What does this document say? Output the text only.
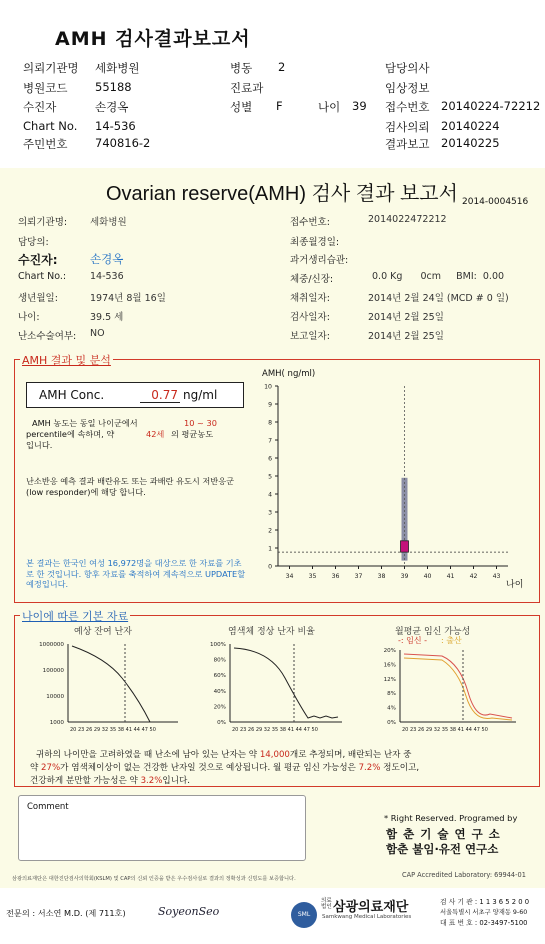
AMH 검사결과보고서
의뢰기관명 세화병원	병동 2	담당의사
병원코드 55188	진료과	임상정보
수진자	손경옥	성별 F	나이 39 접수번호 20140224-72212
Chart No. 14-536	검사의뢰 20140224
주민번호 740816-2	결과보고 20140225
Ovarian reserve(AMH) 검사 결과 보고서 2014-0004516
의뢰기관명: 세화병원
담당의:
수진자:	손경옥
Chart No.:	14-536
생년월일:	1974년 8월 16일
나이:	39.5 세
난소수술여부: NO
접수번호:	2014022472212
최종월경일:
과거생리습관:
체중/신장:	0.0 Kg      0cm     BMI:  0.00
채취일자:	2014년 2월 24일 (MCD # 0 일)
검사일자:	2014년 2월 25일
보고일자:	2014년 2월 25일
AMH 결과 및 분석
AMH Conc.	0.77 ng/ml
AMH 농도는 동일 나이군에서	10 ~ 30
percentile에 속하며, 약	42세 의 평균농도
입니다.
난소반응 예측 결과 배란유도 또는 과배란 유도시 저반응군 (low responder)에 해당 합니다.
본 결과는 한국인 여성 16,972명을 대상으로 한 자료를 기초로 한 것입니다. 향후 자료를 축적하여 계속적으로 UPDATE할 예정입니다.
AMH( ng/ml)
0
1
2
3
4
5
6
7
8
9
10
34 35 36 37 38 39 40 41 42 43
나이
나이에 따른 기본 자료
예상 잔여 난자	염색체 정상 난자 비율	월평균 임신 가능성
-: 임신 - : 출산
1000000
100000
10000
1000
20 23 26 29 32 35 38 41 44 47 50
100%
80%
60%
40%
20%
0%
20 23 26 29 32 35 38 41 44 47 50
20%
16%
12%
8%
4%
0%
20 23 26 29 32 35 38 41 44 47 50
귀하의 나이만을 고려하였을 때 난소에 남아 있는 난자는 약 14,000개로 추정되며, 배란되는 난자 중
약 27%가 염색체이상이 없는 건강한 난자일 것으로 예상됩니다. 월 평균 임신 가능성은 7.2% 정도이고,
건강하게 분만할 가능성은 약 3.2%입니다.
Comment
* Right Reserved. Programed by
함 춘 기 술 연 구 소
함춘 불임·유전 연구소
삼광의료재단은 대한진단검사의학회(KSLM) 및 CAP의 신뢰 인증을 받은 우수검사실로 결과의 정확성과 신빙도를 보증합니다.	CAP Accredited Laboratory: 69944-01
전문의 : 서소연 M.D. (제 711호)	SoyeonSeo	SML
의료법인 삼광의료재단
Samkwang Medical Laboratories
검 사 기 관 : 1 1 3 6 5 2 0 0
서울특별시 서초구 양재동 9-60
대 표 번 호 : 02-3497-5100
